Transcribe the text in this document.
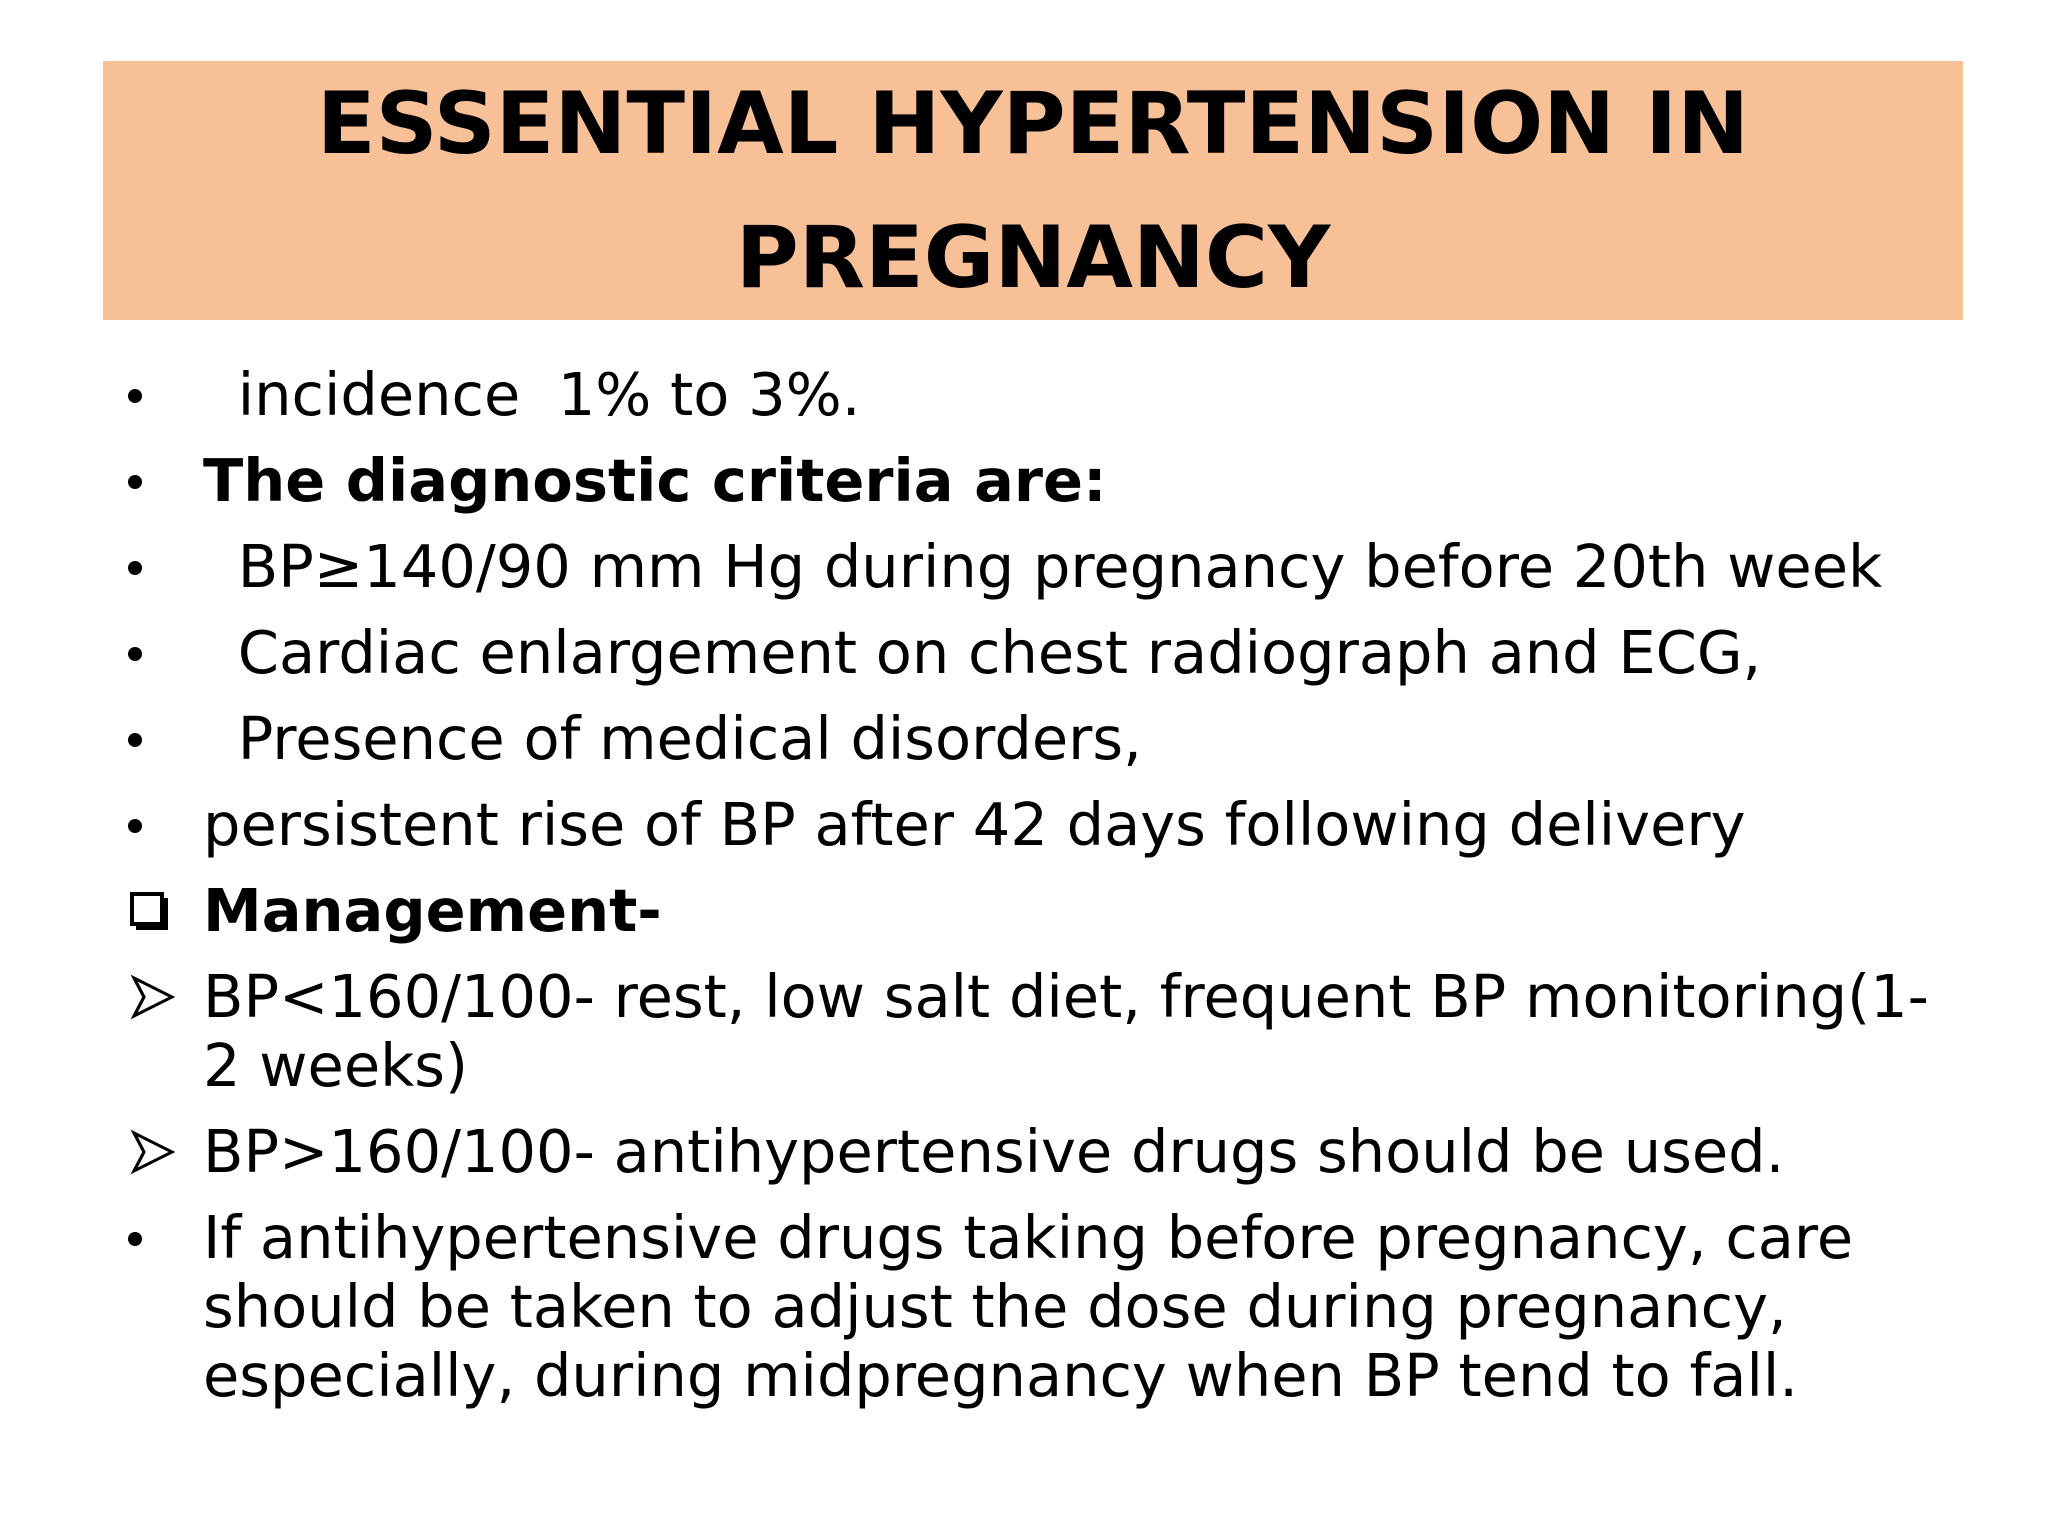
ESSENTIAL HYPERTENSION IN
PREGNANCY
incidence  1% to 3%.
The diagnostic criteria are:
BP≥140/90 mm Hg during pregnancy before 20th week
Cardiac enlargement on chest radiograph and ECG,
Presence of medical disorders,
persistent rise of BP after 42 days following delivery
Management-
BP<160/100- rest, low salt diet, frequent BP monitoring(1-2 weeks)
BP>160/100- antihypertensive drugs should be used.
If antihypertensive drugs taking before pregnancy, care should be taken to adjust the dose during pregnancy, especially, during midpregnancy when BP tend to fall.
